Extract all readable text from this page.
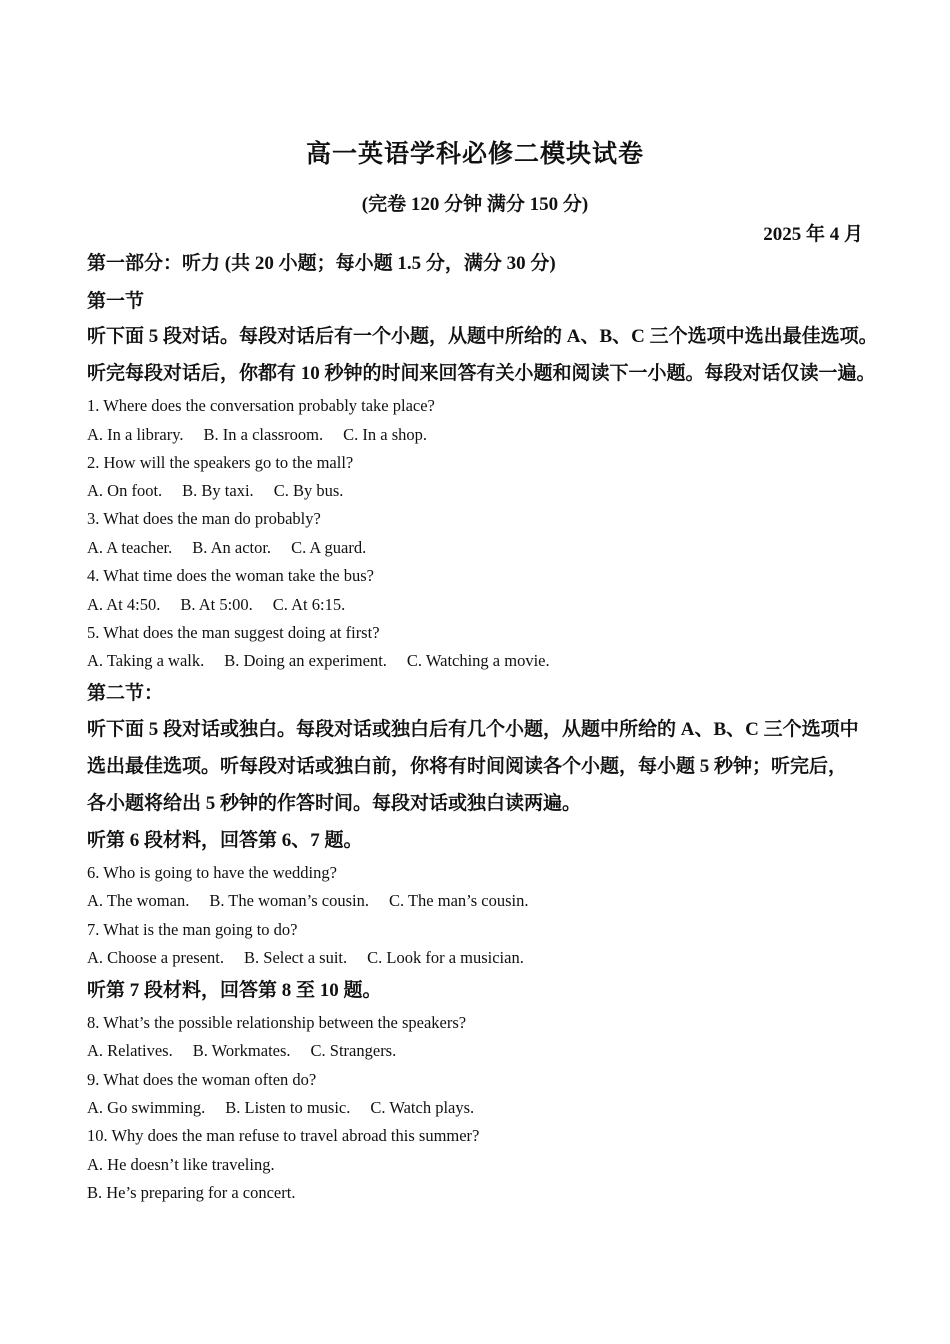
高一英语学科必修二模块试卷
(完卷 120 分钟 满分 150 分)
2025 年 4 月
第一部分：听力 (共 20 小题；每小题 1.5 分，满分 30 分)
第一节
听下面 5 段对话。每段对话后有一个小题，从题中所给的 A、B、C 三个选项中选出最佳选项。
听完每段对话后，你都有 10 秒钟的时间来回答有关小题和阅读下一小题。每段对话仅读一遍。
1. Where does the conversation probably take place?
A. In a library. B. In a classroom. C. In a shop.
2. How will the speakers go to the mall?
A. On foot. B. By taxi. C. By bus.
3. What does the man do probably?
A. A teacher. B. An actor. C. A guard.
4. What time does the woman take the bus?
A. At 4:50. B. At 5:00. C. At 6:15.
5. What does the man suggest doing at first?
A. Taking a walk. B. Doing an experiment. C. Watching a movie.
第二节：
听下面 5 段对话或独白。每段对话或独白后有几个小题，从题中所给的 A、B、C 三个选项中
选出最佳选项。听每段对话或独白前，你将有时间阅读各个小题，每小题 5 秒钟；听完后，
各小题将给出 5 秒钟的作答时间。每段对话或独白读两遍。
听第 6 段材料，回答第 6、7 题。
6. Who is going to have the wedding?
A. The woman. B. The woman’s cousin. C. The man’s cousin.
7. What is the man going to do?
A. Choose a present. B. Select a suit. C. Look for a musician.
听第 7 段材料，回答第 8 至 10 题。
8. What’s the possible relationship between the speakers?
A. Relatives. B. Workmates. C. Strangers.
9. What does the woman often do?
A. Go swimming. B. Listen to music. C. Watch plays.
10. Why does the man refuse to travel abroad this summer?
A. He doesn’t like traveling.
B. He’s preparing for a concert.
